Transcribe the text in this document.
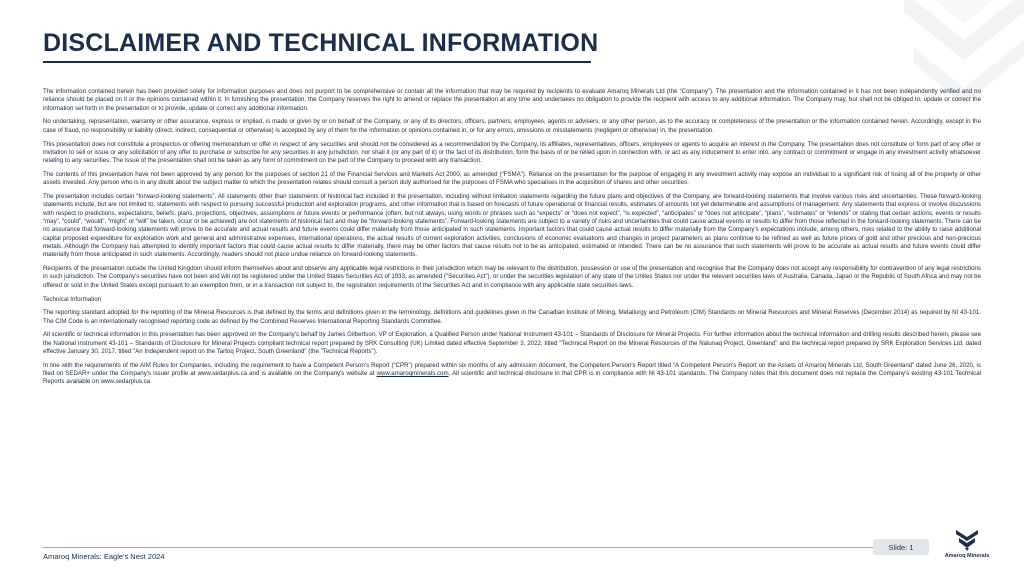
DISCLAIMER AND TECHNICAL INFORMATION

The information contained herein has been provided solely for information purposes and does not purport to be comprehensive or contain all the information that may be required by recipients to evaluate Amaroq Minerals Ltd (the “Company”). The presentation and the information contained in it has not been independently verified and no reliance should be placed on it or the opinions contained within it. In furnishing the presentation, the Company reserves the right to amend or replace the presentation at any time and undertakes no obligation to provide the recipient with access to any additional information. The Company may, but shall not be obliged to, update or correct the information set forth in the presentation or to provide, update or correct any additional information.

No undertaking, representation, warranty or other assurance, express or implied, is made or given by or on behalf of the Company, or any of its directors, officers, partners, employees, agents or advisers, or any other person, as to the accuracy or completeness of the presentation or the information contained herein. Accordingly, except in the case of fraud, no responsibility or liability (direct, indirect, consequential or otherwise) is accepted by any of them for the information or opinions contained in, or for any errors, omissions or misstatements (negligent or otherwise) in, the presentation.

This presentation does not constitute a prospectus or offering memorandum or offer in respect of any securities and should not be considered as a recommendation by the Company, its affiliates, representatives, officers, employees or agents to acquire an interest in the Company. The presentation does not constitute or form part of any offer or invitation to sell or issue or any solicitation of any offer to purchase or subscribe for any securities in any jurisdiction, nor shall it (or any part of it) or the fact of its distribution, form the basis of or be relied upon in connection with, or act as any inducement to enter into, any contract or commitment or engage in any investment activity whatsoever relating to any securities. The issue of the presentation shall not be taken as any form of commitment on the part of the Company to proceed with any transaction.

The contents of this presentation have not been approved by any person for the purposes of section 21 of the Financial Services and Markets Act 2000, as amended (“FSMA”). Reliance on the presentation for the purpose of engaging in any investment activity may expose an individual to a significant risk of losing all of the property or other assets invested. Any person who is in any doubt about the subject matter to which the presentation relates should consult a person duly authorised for the purposes of FSMA who specialises in the acquisition of shares and other securities.

The presentation includes certain “forward-looking statements”. All statements other than statements of historical fact included in the presentation, including without limitation statements regarding the future plans and objectives of the Company, are forward-looking statements that involve various risks and uncertainties. These forward-looking statements include, but are not limited to, statements with respect to pursuing successful production and exploration programs, and other information that is based on forecasts of future operational or financial results, estimates of amounts not yet determinable and assumptions of management. Any statements that express or involve discussions with respect to predictions, expectations, beliefs, plans, projections, objectives, assumptions or future events or performance (often, but not always, using words or phrases such as “expects” or “does not expect”, “is expected”, “anticipates” or “does not anticipate”, “plans”, “estimates” or “intends” or stating that certain actions, events or results “may”, “could”, “would”, “might” or “will” be taken, occur or be achieved) are not statements of historical fact and may be “forward-looking statements”. Forward-looking statements are subject to a variety of risks and uncertainties that could cause actual events or results to differ from those reflected in the forward-looking statements. There can be no assurance that forward-looking statements will prove to be accurate and actual results and future events could differ materially from those anticipated in such statements. Important factors that could cause actual results to differ materially from the Company's expectations include, among others, risks related to the ability to raise additional capital proposed expenditure for exploration work and general and administrative expenses, international operations, the actual results of current exploration activities, conclusions of economic evaluations and changes in project parameters as plans continue to be refined as well as future prices of gold and other precious and non-precious metals. Although the Company has attempted to identify important factors that could cause actual results to differ materially, there may be other factors that cause results not to be as anticipated, estimated or intended. There can be no assurance that such statements will prove to be accurate as actual results and future events could differ materially from those anticipated in such statements. Accordingly, readers should not place undue reliance on forward-looking statements.

Recipients of the presentation outside the United Kingdom should inform themselves about and observe any applicable legal restrictions in their jurisdiction which may be relevant to the distribution, possession or use of the presentation and recognise that the Company does not accept any responsibility for contravention of any legal restrictions in such jurisdiction. The Company's securities have not been and will not be registered under the United States Securities Act of 1933, as amended ("Securities Act"), or under the securities legislation of any state of the Unites States nor under the relevant securities laws of Australia, Canada, Japan or the Republic of South Africa and may not be offered or sold in the United States except pursuant to an exemption from, or in a transaction not subject to, the registration requirements of the Securities Act and in compliance with any applicable state securities laws.

Technical Information

The reporting standard adopted for the reporting of the Mineral Resources is that defined by the terms and definitions given in the terminology, definitions and guidelines given in the Canadian Institute of Mining, Metallurgy and Petroleum (CIM) Standards on Mineral Resources and Mineral Reserves (December 2014) as required by NI 43-101. The CIM Code is an internationally recognised reporting code as defined by the Combined Reserves International Reporting Standards Committee.

All scientific or technical information in this presentation has been approved on the Company's behalf by James Gilbertson, VP of Exploration, a Qualified Person under National Instrument 43-101 – Standards of Disclosure for Mineral Projects. For further information about the technical information and drilling results described herein, please see the National Instrument 43-101 – Standards of Disclosure for Mineral Projects compliant technical report prepared by SRK Consulting (UK) Limited dated effective September 3, 2022, titled "Technical Report on the Mineral Resources of the Nalunaq Project, Greenland" and the technical report prepared by SRK Exploration Services Ltd. dated effective January 30, 2017, titled "An Independent report on the Tartoq Project, South Greenland" (the "Technical Reports").

In line with the requirements of the AIM Rules for Companies, including the requirement to have a Competent Person's Report (“CPR”) prepared within six months of any admission document, the Competent Person's Report titled “A Competent Person's Report on the Assets of Amaroq Minerals Ltd, South Greenland” dated June 26, 2020, is filed on SEDAR+ under the Company's issuer profile at www.sedarplus.ca and is available on the Company's website at www.amaroqminerals.com. All scientific and technical disclosure in that CPR is in compliance with NI 43-101 standards. The Company notes that this document does not replace the Company's existing 43-101 Technical Reports available on www.sedarplus.ca

Amaroq Minerals: Eagle's Nest 2024
Slide: 1
Amaroq Minerals
